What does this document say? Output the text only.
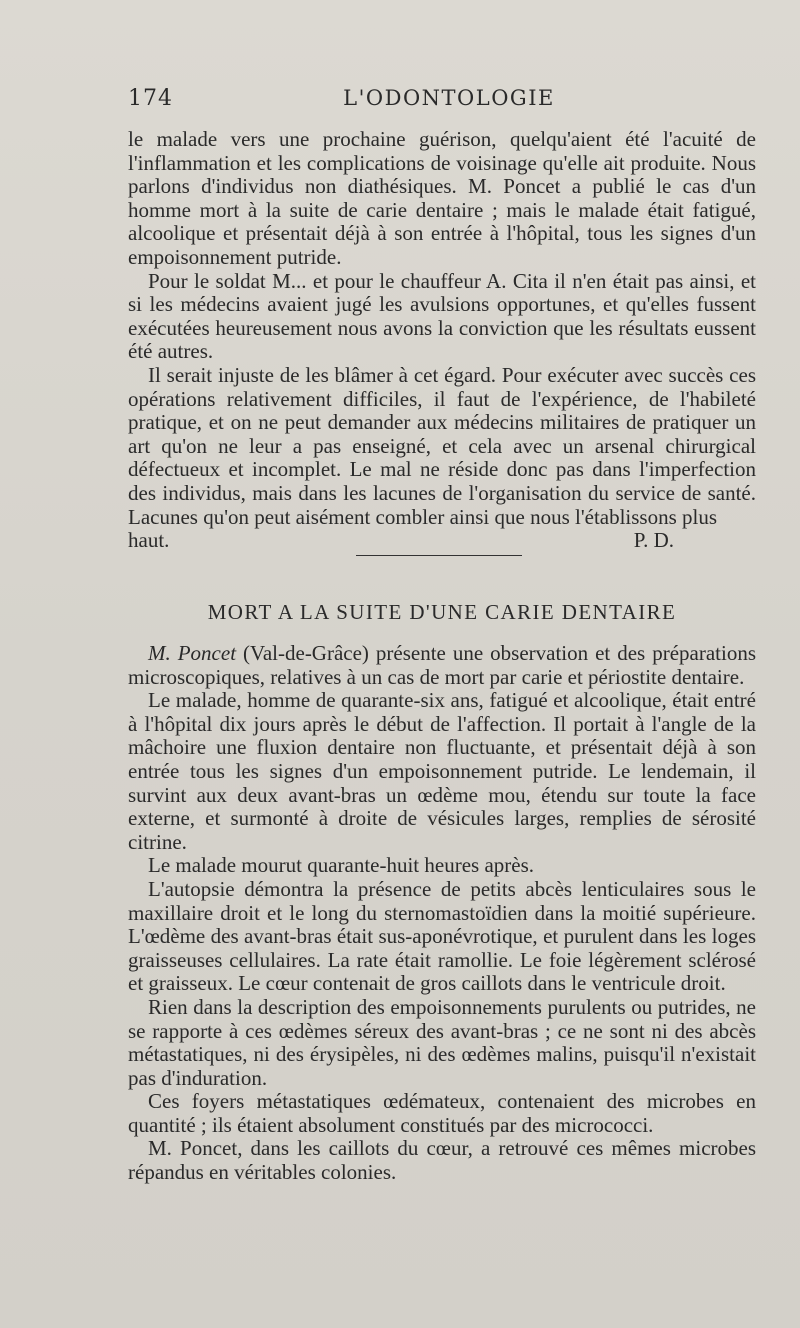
174	L'ODONTOLOGIE

le malade vers une prochaine guérison, quelqu'aient été l'acuité de l'inflammation et les complications de voisinage qu'elle ait produite. Nous parlons d'individus non diathésiques. M. Poncet a publié le cas d'un homme mort à la suite de carie dentaire ; mais le malade était fatigué, alcoolique et présentait déjà à son entrée à l'hôpital, tous les signes d'un empoisonnement putride.

Pour le soldat M... et pour le chauffeur A. Cita il n'en était pas ainsi, et si les médecins avaient jugé les avulsions opportunes, et qu'elles fussent exécutées heureusement nous avons la conviction que les résultats eussent été autres.

Il serait injuste de les blâmer à cet égard. Pour exécuter avec succès ces opérations relativement difficiles, il faut de l'expérience, de l'habileté pratique, et on ne peut demander aux médecins militaires de pratiquer un art qu'on ne leur a pas enseigné, et cela avec un arsenal chirurgical défectueux et incomplet. Le mal ne réside donc pas dans l'imperfection des individus, mais dans les lacunes de l'organisation du service de santé. Lacunes qu'on peut aisément combler ainsi que nous l'établissons plus

haut.	P. D.
MORT A LA SUITE D'UNE CARIE DENTAIRE

M. Poncet (Val-de-Grâce) présente une observation et des préparations microscopiques, relatives à un cas de mort par carie et périostite dentaire.

Le malade, homme de quarante-six ans, fatigué et alcoolique, était entré à l'hôpital dix jours après le début de l'affection. Il portait à l'angle de la mâchoire une fluxion dentaire non fluctuante, et présentait déjà à son entrée tous les signes d'un empoisonnement putride. Le lendemain, il survint aux deux avant-bras un œdème mou, étendu sur toute la face externe, et surmonté à droite de vésicules larges, remplies de sérosité citrine.

Le malade mourut quarante-huit heures après.

L'autopsie démontra la présence de petits abcès lenticulaires sous le maxillaire droit et le long du sternomastoïdien dans la moitié supérieure. L'œdème des avant-bras était sus-aponévrotique, et purulent dans les loges graisseuses cellulaires. La rate était ramollie. Le foie légèrement sclérosé et graisseux. Le cœur contenait de gros caillots dans le ventricule droit.

Rien dans la description des empoisonnements purulents ou putrides, ne se rapporte à ces œdèmes séreux des avant-bras ; ce ne sont ni des abcès métastatiques, ni des érysipèles, ni des œdèmes malins, puisqu'il n'existait pas d'induration.

Ces foyers métastatiques œdémateux, contenaient des microbes en quantité ; ils étaient absolument constitués par des micrococci.

M. Poncet, dans les caillots du cœur, a retrouvé ces mêmes microbes répandus en véritables colonies.
